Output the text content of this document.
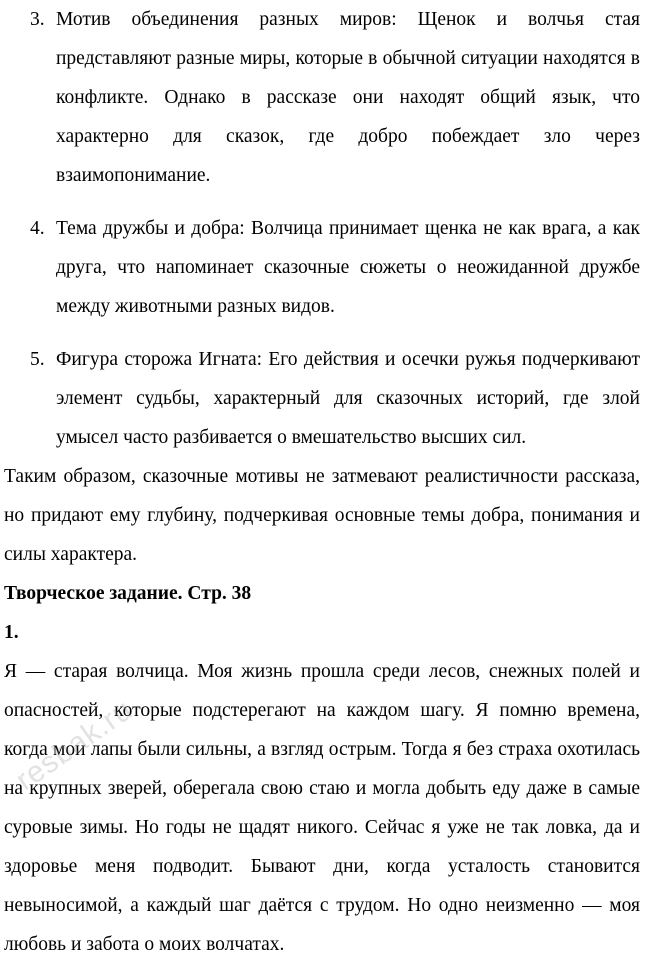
3. Мотив объединения разных миров: Щенок и волчья стая представляют разные миры, которые в обычной ситуации находятся в конфликте. Однако в рассказе они находят общий язык, что характерно для сказок, где добро побеждает зло через взаимопонимание.
4. Тема дружбы и добра: Волчица принимает щенка не как врага, а как друга, что напоминает сказочные сюжеты о неожиданной дружбе между животными разных видов.
5. Фигура сторожа Игната: Его действия и осечки ружья подчеркивают элемент судьбы, характерный для сказочных историй, где злой умысел часто разбивается о вмешательство высших сил.

Таким образом, сказочные мотивы не затмевают реалистичности рассказа, но придают ему глубину, подчеркивая основные темы добра, понимания и силы характера.

Творческое задание. Стр. 38

1.

Я — старая волчица. Моя жизнь прошла среди лесов, снежных полей и опасностей, которые подстерегают на каждом шагу. Я помню времена, когда мои лапы были сильны, а взгляд острым. Тогда я без страха охотилась на крупных зверей, оберегала свою стаю и могла добыть еду даже в самые суровые зимы. Но годы не щадят никого. Сейчас я уже не так ловка, да и здоровье меня подводит. Бывают дни, когда усталость становится невыносимой, а каждый шаг даётся с трудом. Но одно неизменно — моя любовь и забота о моих волчатах.

resbak.ru
